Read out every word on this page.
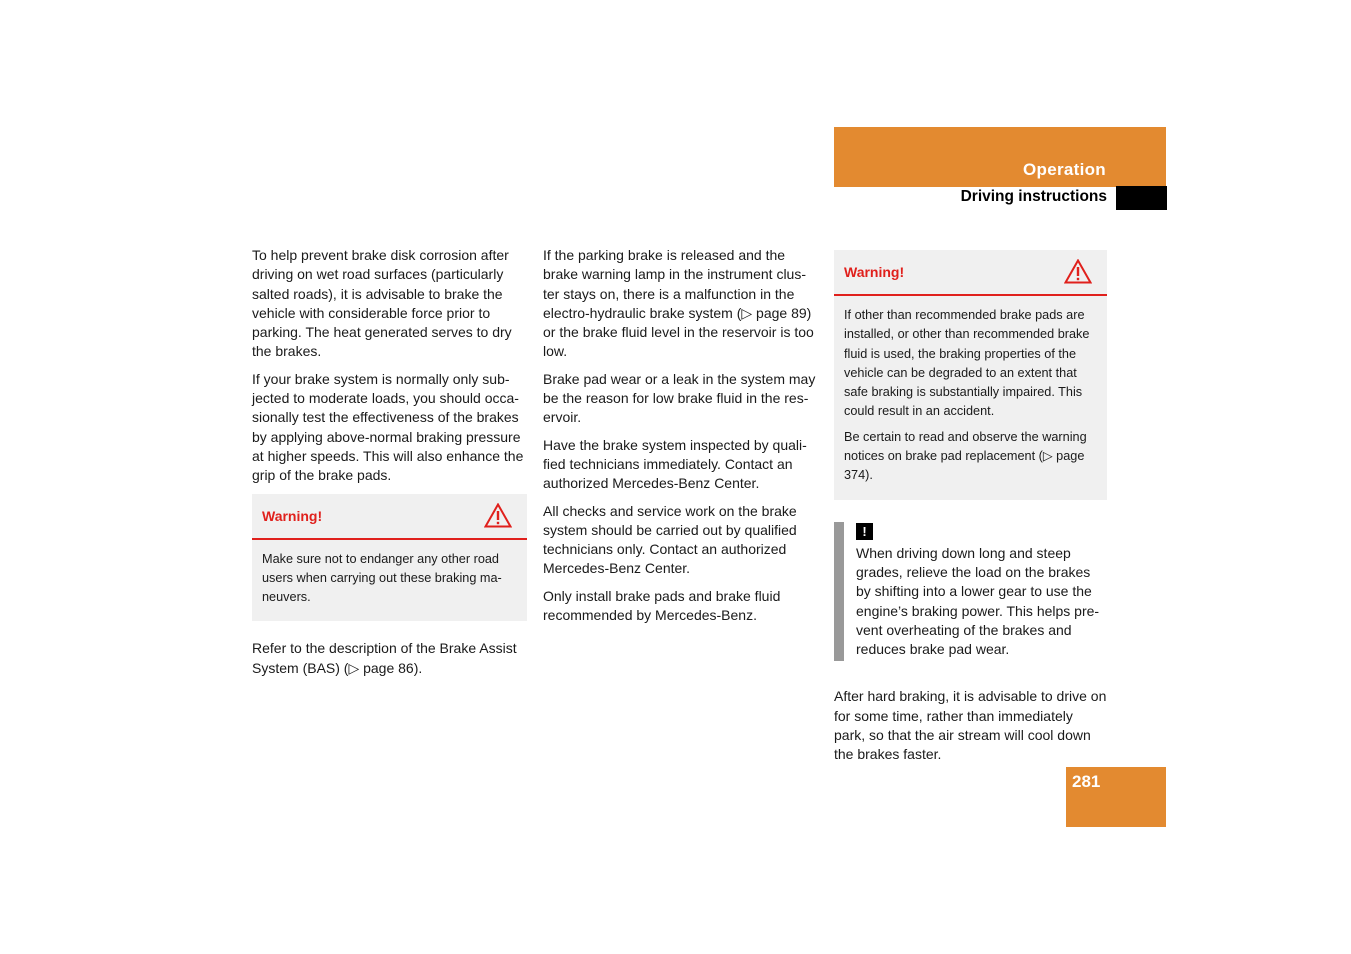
Operation
Driving instructions

To help prevent brake disk corrosion after driving on wet road surfaces (particularly salted roads), it is advisable to brake the vehicle with considerable force prior to parking. The heat generated serves to dry the brakes.

If your brake system is normally only sub-jected to moderate loads, you should occa-sionally test the effectiveness of the brakes by applying above-normal braking pressure at higher speeds. This will also enhance the grip of the brake pads.

Warning!

Make sure not to endanger any other road users when carrying out these braking ma-neuvers.

Refer to the description of the Brake Assist System (BAS) (▷ page 86).

If the parking brake is released and the brake warning lamp in the instrument clus-ter stays on, there is a malfunction in the electro-hydraulic brake system (▷ page 89) or the brake fluid level in the reservoir is too low.

Brake pad wear or a leak in the system may be the reason for low brake fluid in the res-ervoir.

Have the brake system inspected by quali-fied technicians immediately. Contact an authorized Mercedes-Benz Center.

All checks and service work on the brake system should be carried out by qualified technicians only. Contact an authorized Mercedes-Benz Center.

Only install brake pads and brake fluid recommended by Mercedes-Benz.

Warning!

If other than recommended brake pads are installed, or other than recommended brake fluid is used, the braking properties of the vehicle can be degraded to an extent that safe braking is substantially impaired. This could result in an accident.

Be certain to read and observe the warning notices on brake pad replacement (▷ page 374).

!
When driving down long and steep grades, relieve the load on the brakes by shifting into a lower gear to use the engine’s braking power. This helps pre-vent overheating of the brakes and reduces brake pad wear.

After hard braking, it is advisable to drive on for some time, rather than immediately park, so that the air stream will cool down the brakes faster.

281
